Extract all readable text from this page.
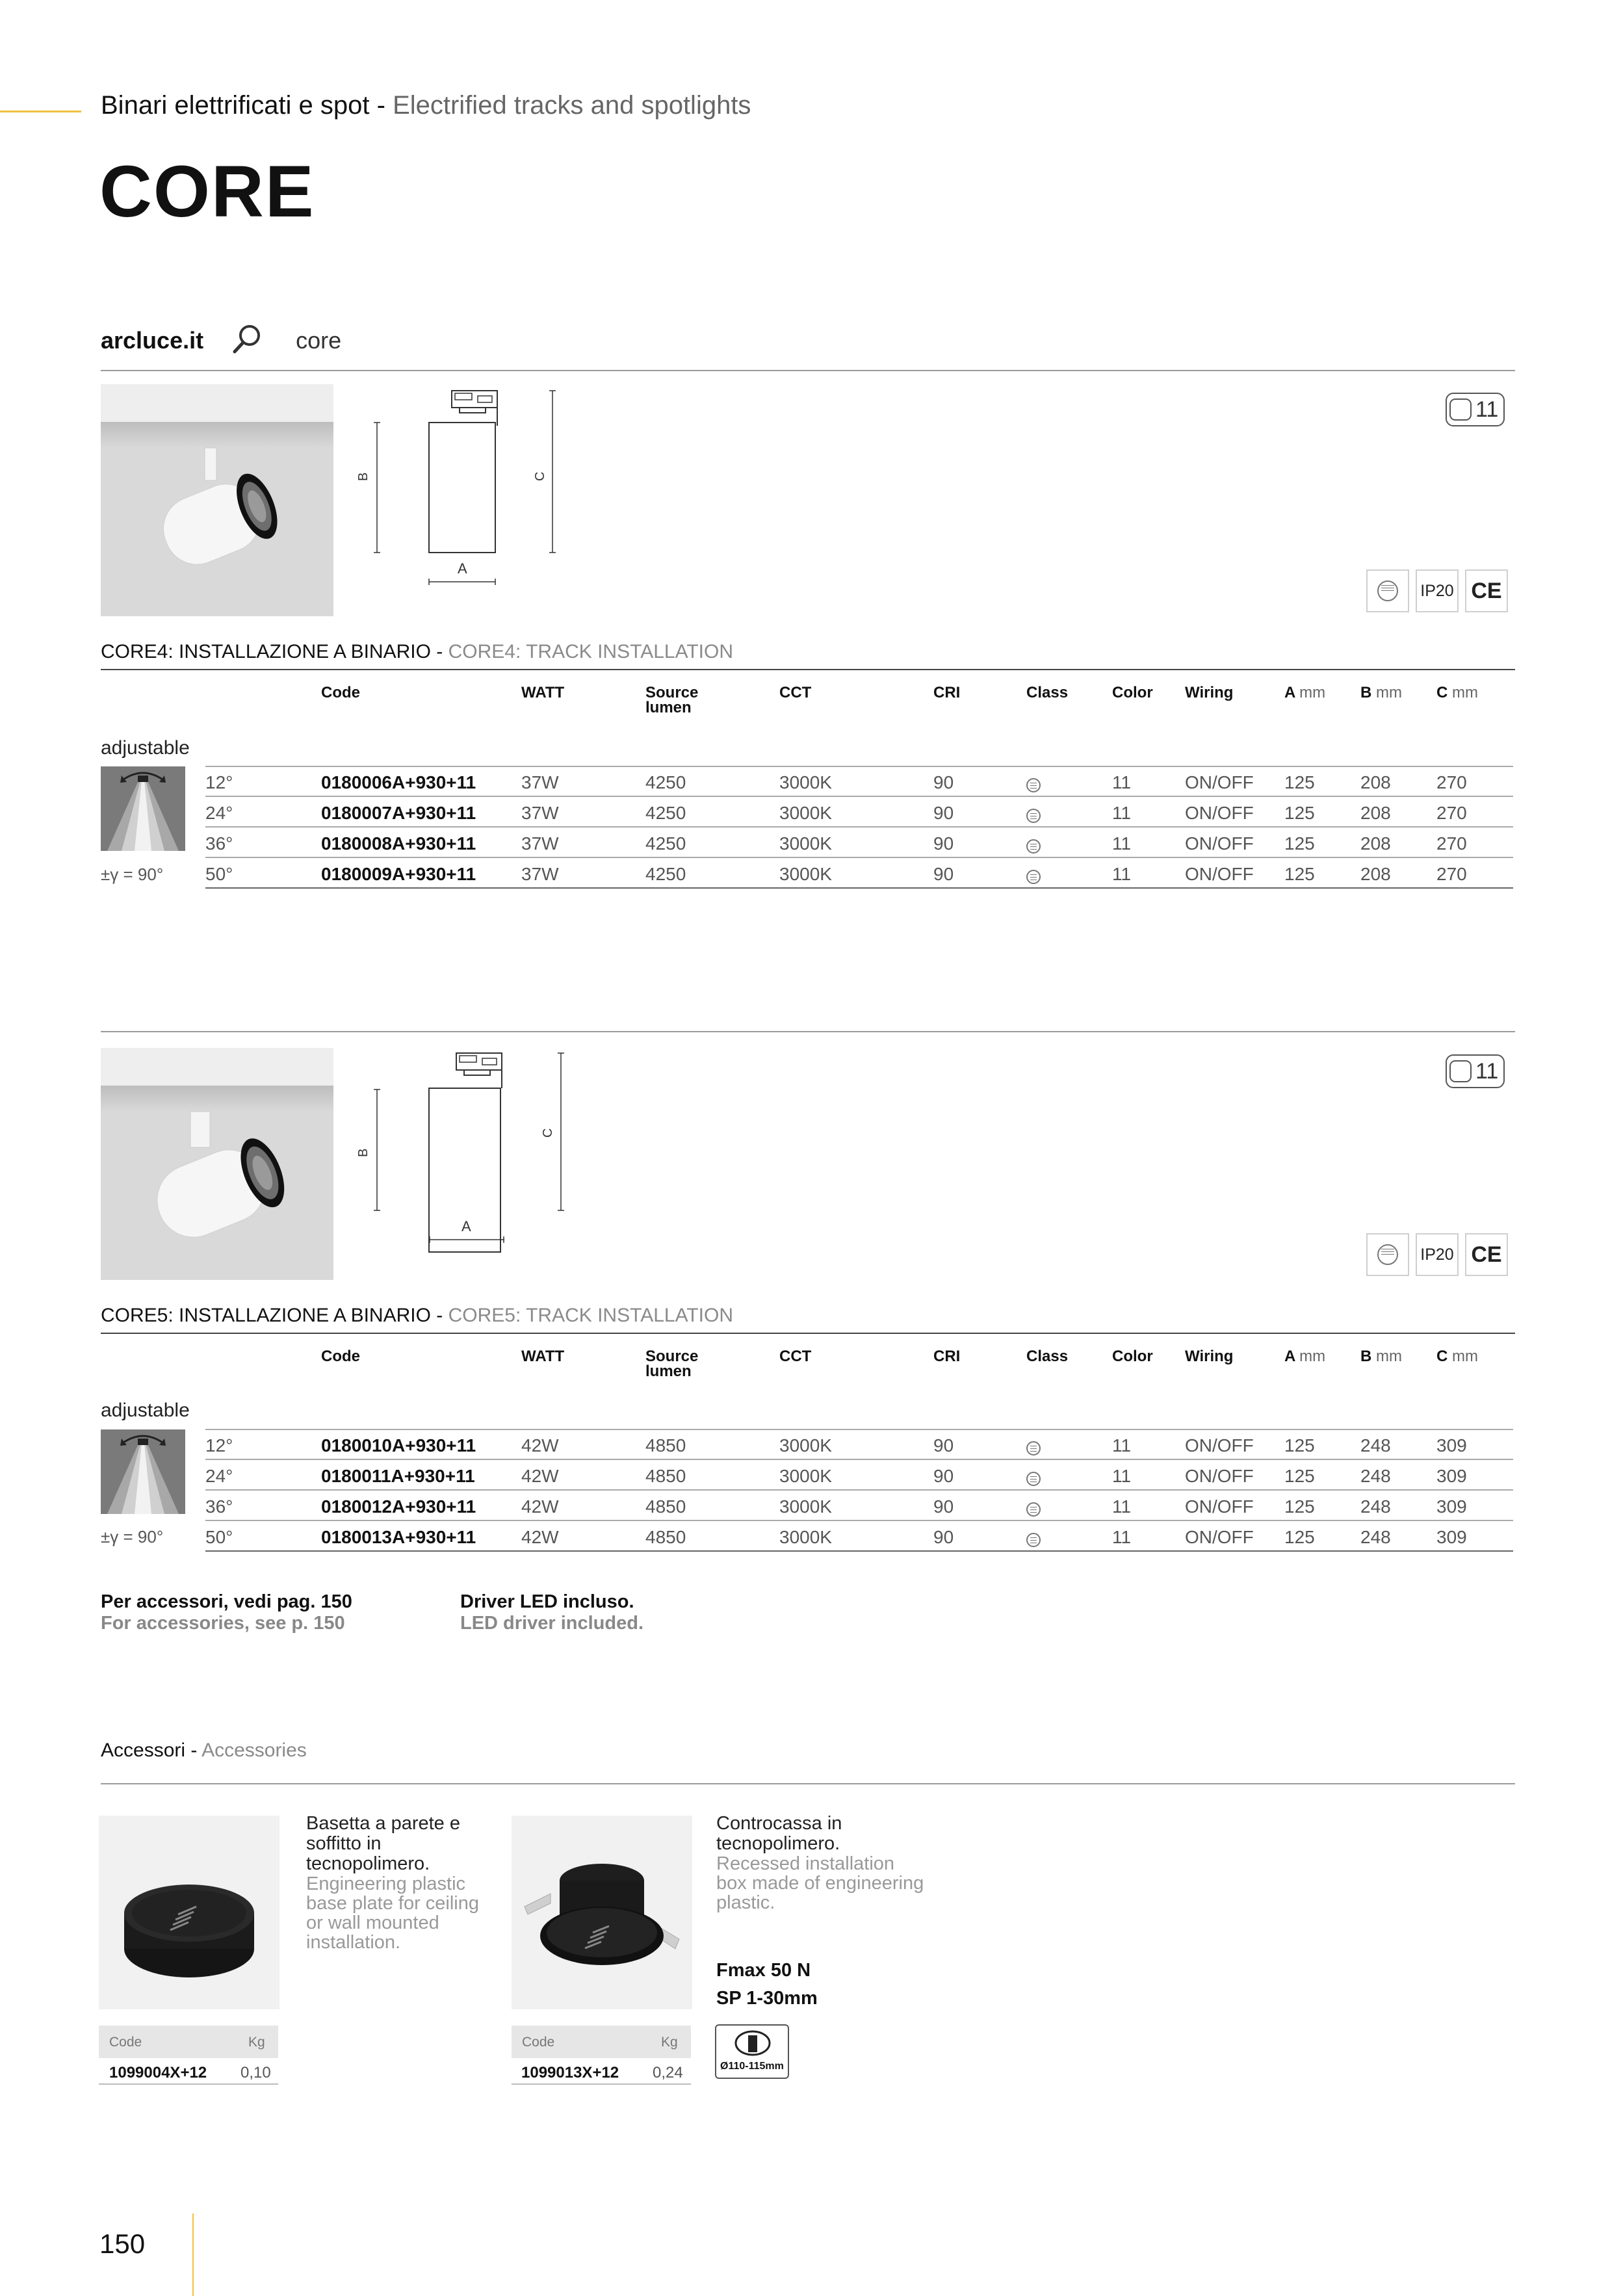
Binari elettrificati e spot - Electrified tracks and spotlights
CORE
arcluce.it	core
B	C
A
11
IP20 CE
CORE4: INSTALLAZIONE A BINARIO - CORE4: TRACK INSTALLATION
Code	WATT	Source
lumen
CCT	CRI	Class	Color Wiring	A mm B mm C mm
adjustable
±γ = 90°
12°	0180006A+930+11 37W	4250	3000K	90	11	ON/OFF 125	208	270
24°	0180007A+930+11 37W	4250	3000K	90	11	ON/OFF 125	208	270
36°	0180008A+930+11 37W	4250	3000K	90	11	ON/OFF 125	208	270
50°	0180009A+930+11 37W	4250	3000K	90	11	ON/OFF 125	208	270
B
C
A
11
IP20 CE
CORE5: INSTALLAZIONE A BINARIO - CORE5: TRACK INSTALLATION
Code	WATT	Source
lumen
CCT	CRI	Class	Color Wiring	A mm B mm C mm
adjustable
±γ = 90°
12°	0180010A+930+11 42W	4850	3000K	90	11	ON/OFF 125	248	309
24°	0180011A+930+11	42W	4850	3000K	90	11	ON/OFF 125	248	309
36°	0180012A+930+11 42W	4850	3000K	90	11	ON/OFF 125	248	309
50°	0180013A+930+11 42W	4850	3000K	90	11	ON/OFF 125	248	309
Per accessori, vedi pag. 150
For accessories, see p. 150
Driver LED incluso.
LED driver included.
Accessori - Accessories
Basetta a parete e soffitto in tecnopolimero.
Engineering plastic base plate for ceiling or wall mounted installation.
Code	Kg
1099004X+12 0,10
Controcassa in tecnopolimero.
Recessed installation box made of engineering plastic.
Fmax 50 N
SP 1-30mm
Ø110-115mm
Code	Kg
1099013X+12 0,24
150
